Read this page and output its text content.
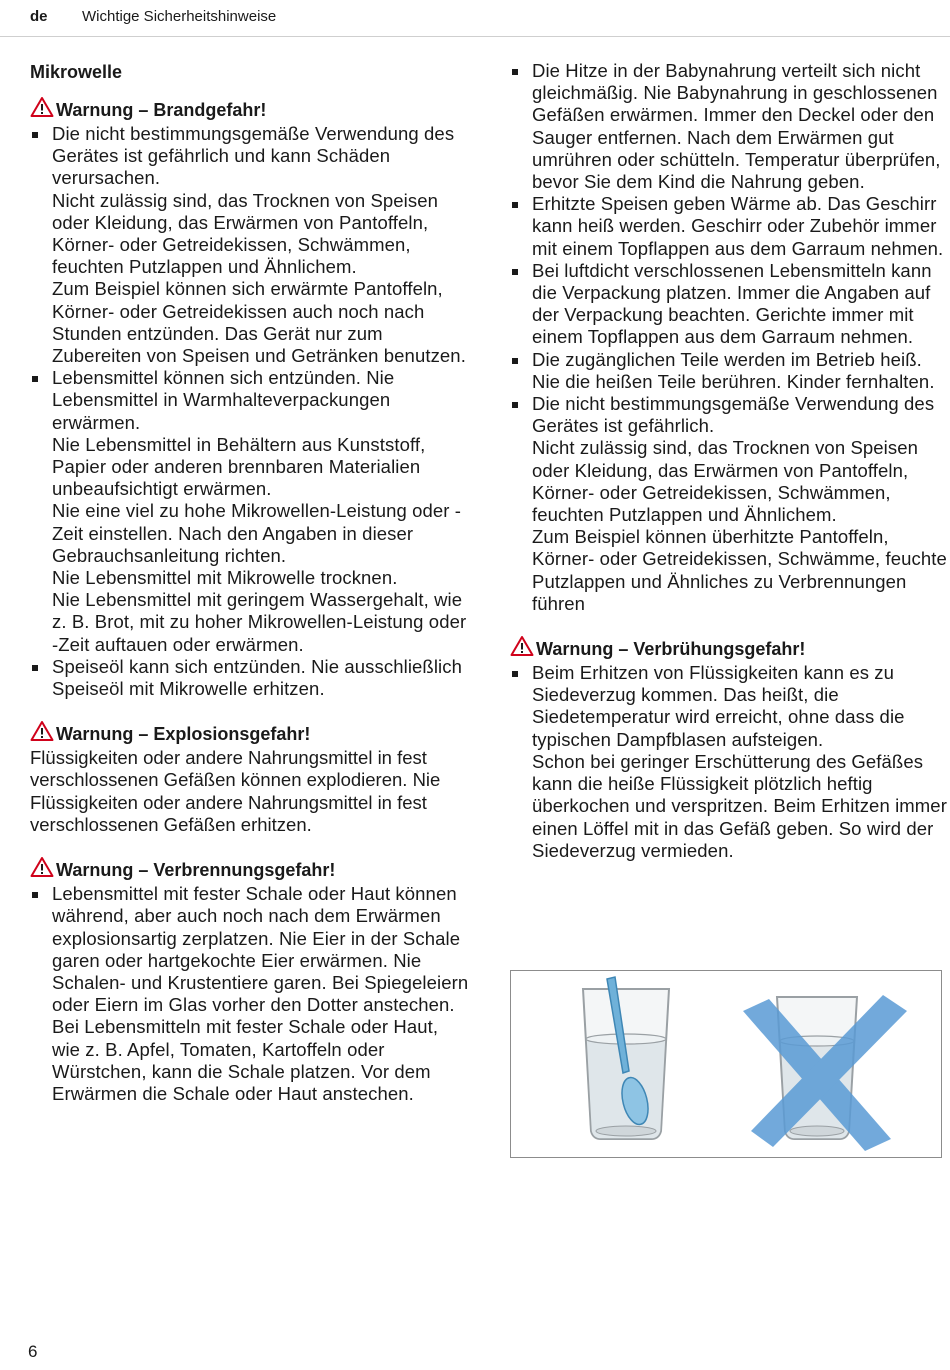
de Wichtige Sicherheitshinweise
Mikrowelle
Warnung – Brandgefahr!
Die nicht bestimmungsgemäße Verwendung des Gerätes ist gefährlich und kann Schäden verursachen.
Nicht zulässig sind, das Trocknen von Speisen oder Kleidung, das Erwärmen von Pantoffeln, Körner- oder Getreidekissen, Schwämmen, feuchten Putzlappen und Ähnlichem.
Zum Beispiel können sich erwärmte Pantoffeln, Körner- oder Getreidekissen auch noch nach Stunden entzünden. Das Gerät nur zum Zubereiten von Speisen und Getränken benutzen.
Lebensmittel können sich entzünden. Nie Lebensmittel in Warmhalteverpackungen erwärmen.
Nie Lebensmittel in Behältern aus Kunststoff, Papier oder anderen brennbaren Materialien unbeaufsichtigt erwärmen.
Nie eine viel zu hohe Mikrowellen-Leistung oder -Zeit einstellen. Nach den Angaben in dieser Gebrauchsanleitung richten.
Nie Lebensmittel mit Mikrowelle trocknen.
Nie Lebensmittel mit geringem Wassergehalt, wie z. B. Brot, mit zu hoher Mikrowellen-Leistung oder -Zeit auftauen oder erwärmen.
Speiseöl kann sich entzünden. Nie ausschließlich Speiseöl mit Mikrowelle erhitzen.
Warnung – Explosionsgefahr!
Flüssigkeiten oder andere Nahrungsmittel in fest verschlossenen Gefäßen können explodieren. Nie Flüssigkeiten oder andere Nahrungsmittel in fest verschlossenen Gefäßen erhitzen.
Warnung – Verbrennungsgefahr!
Lebensmittel mit fester Schale oder Haut können während, aber auch noch nach dem Erwärmen explosionsartig zerplatzen. Nie Eier in der Schale garen oder hartgekochte Eier erwärmen. Nie Schalen- und Krustentiere garen. Bei Spiegeleiern oder Eiern im Glas vorher den Dotter anstechen. Bei Lebensmitteln mit fester Schale oder Haut, wie z. B. Apfel, Tomaten, Kartoffeln oder Würstchen, kann die Schale platzen. Vor dem Erwärmen die Schale oder Haut anstechen.
Die Hitze in der Babynahrung verteilt sich nicht gleichmäßig. Nie Babynahrung in geschlossenen Gefäßen erwärmen. Immer den Deckel oder den Sauger entfernen. Nach dem Erwärmen gut umrühren oder schütteln. Temperatur überprüfen, bevor Sie dem Kind die Nahrung geben.
Erhitzte Speisen geben Wärme ab. Das Geschirr kann heiß werden. Geschirr oder Zubehör immer mit einem Topflappen aus dem Garraum nehmen.
Bei luftdicht verschlossenen Lebensmitteln kann die Verpackung platzen. Immer die Angaben auf der Verpackung beachten. Gerichte immer mit einem Topflappen aus dem Garraum nehmen.
Die zugänglichen Teile werden im Betrieb heiß. Nie die heißen Teile berühren. Kinder fernhalten.
Die nicht bestimmungsgemäße Verwendung des Gerätes ist gefährlich.
Nicht zulässig sind, das Trocknen von Speisen oder Kleidung, das Erwärmen von Pantoffeln, Körner- oder Getreidekissen, Schwämmen, feuchten Putzlappen und Ähnlichem.
Zum Beispiel können überhitzte Pantoffeln, Körner- oder Getreidekissen, Schwämme, feuchte Putzlappen und Ähnliches zu Verbrennungen führen
Warnung – Verbrühungsgefahr!
Beim Erhitzen von Flüssigkeiten kann es zu Siedeverzug kommen. Das heißt, die Siedetemperatur wird erreicht, ohne dass die typischen Dampfblasen aufsteigen.
Schon bei geringer Erschütterung des Gefäßes kann die heiße Flüssigkeit plötzlich heftig überkochen und verspritzen. Beim Erhitzen immer einen Löffel mit in das Gefäß geben. So wird der Siedeverzug vermieden.
6
